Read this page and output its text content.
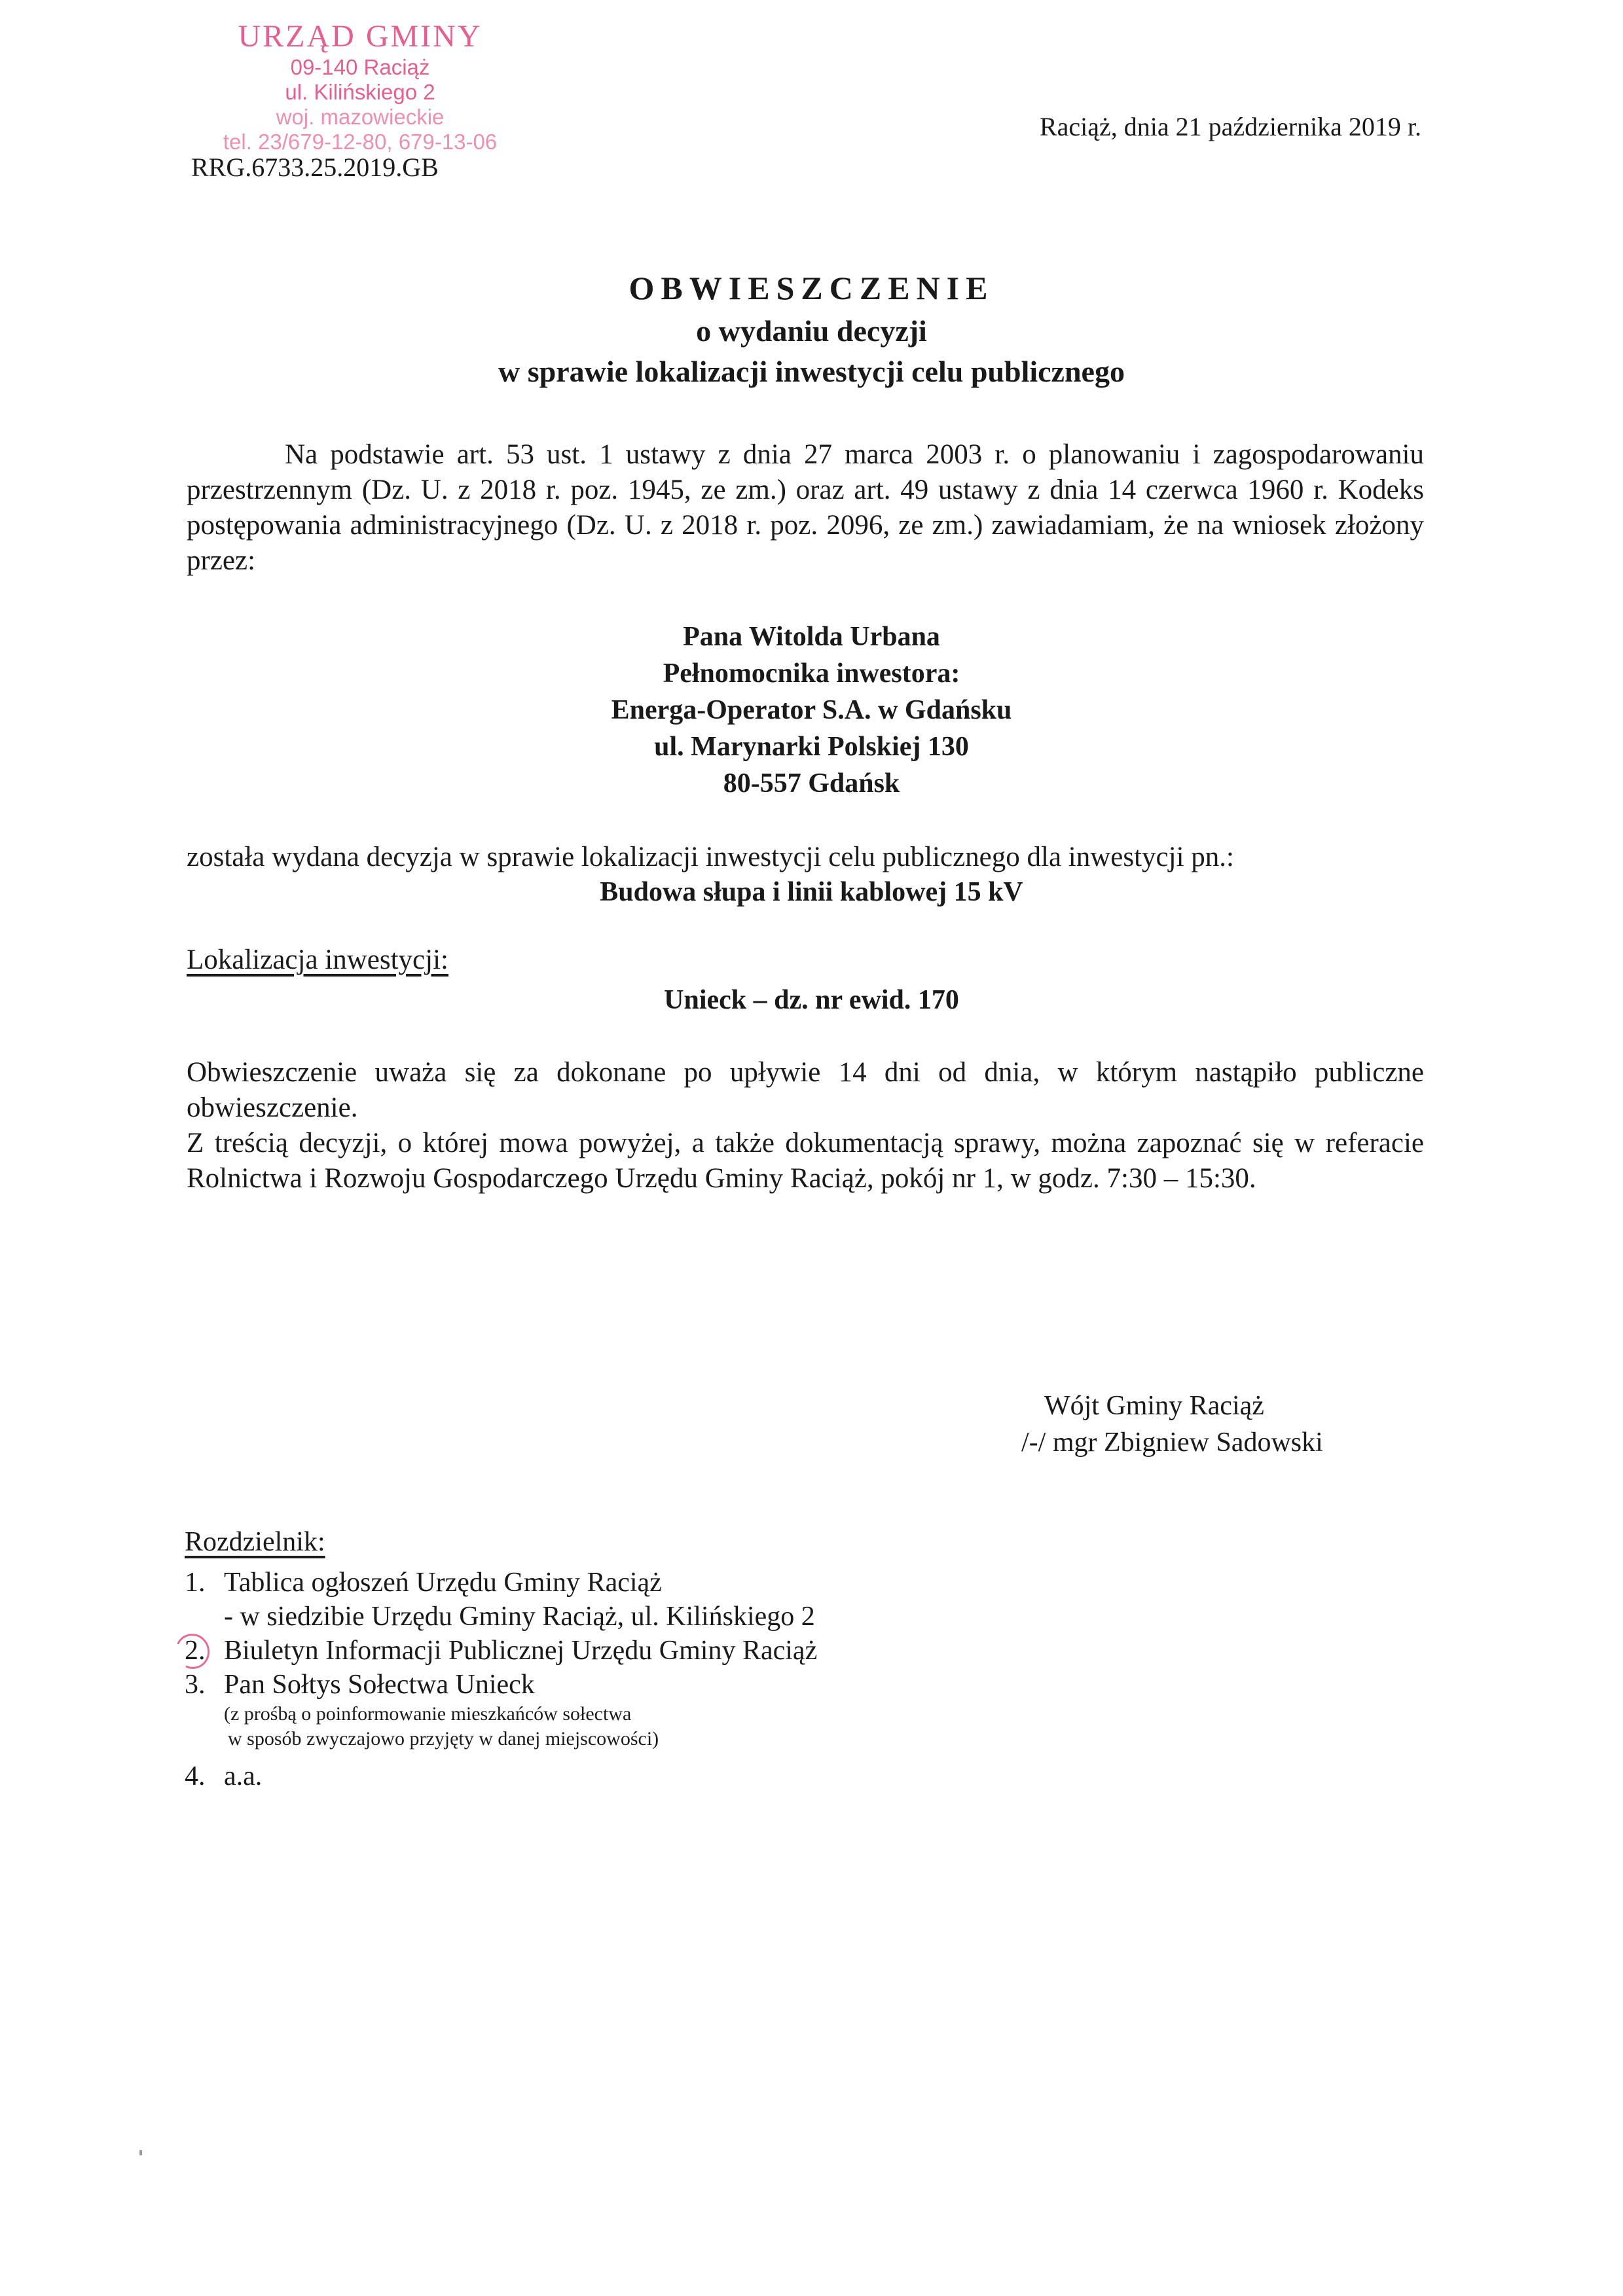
URZĄD GMINY
09-140 Raciąż
ul. Kilińskiego 2
woj. mazowieckie
tel. 23/679-12-80, 679-13-06
RRG.6733.25.2019.GB
Raciąż, dnia 21 października 2019 r.
OBWIESZCZENIE
o wydaniu decyzji
w sprawie lokalizacji inwestycji celu publicznego
Na podstawie art. 53 ust. 1 ustawy z dnia 27 marca 2003 r. o planowaniu i zagospodarowaniu przestrzennym (Dz. U. z 2018 r. poz. 1945, ze zm.) oraz art. 49 ustawy z dnia 14 czerwca 1960 r. Kodeks postępowania administracyjnego (Dz. U. z 2018 r. poz. 2096, ze zm.) zawiadamiam, że na wniosek złożony przez:
Pana Witolda Urbana
Pełnomocnika inwestora:
Energa-Operator S.A. w Gdańsku
ul. Marynarki Polskiej 130
80-557 Gdańsk
została wydana decyzja w sprawie lokalizacji inwestycji celu publicznego dla inwestycji pn.:
Budowa słupa i linii kablowej 15 kV
Lokalizacja inwestycji:
Unieck – dz. nr ewid. 170
Obwieszczenie uważa się za dokonane po upływie 14 dni od dnia, w którym nastąpiło publiczne obwieszczenie.
Z treścią decyzji, o której mowa powyżej, a także dokumentacją sprawy, można zapoznać się w referacie Rolnictwa i Rozwoju Gospodarczego Urzędu Gminy Raciąż, pokój nr 1, w godz. 7:30 – 15:30.
Wójt Gminy Raciąż
/-/ mgr Zbigniew Sadowski
Rozdzielnik:
1. Tablica ogłoszeń Urzędu Gminy Raciąż
- w siedzibie Urzędu Gminy Raciąż, ul. Kilińskiego 2
2. Biuletyn Informacji Publicznej Urzędu Gminy Raciąż
3. Pan Sołtys Sołectwa Unieck
(z prośbą o poinformowanie mieszkańców sołectwa
w sposób zwyczajowo przyjęty w danej miejscowości)
4. a.a.
